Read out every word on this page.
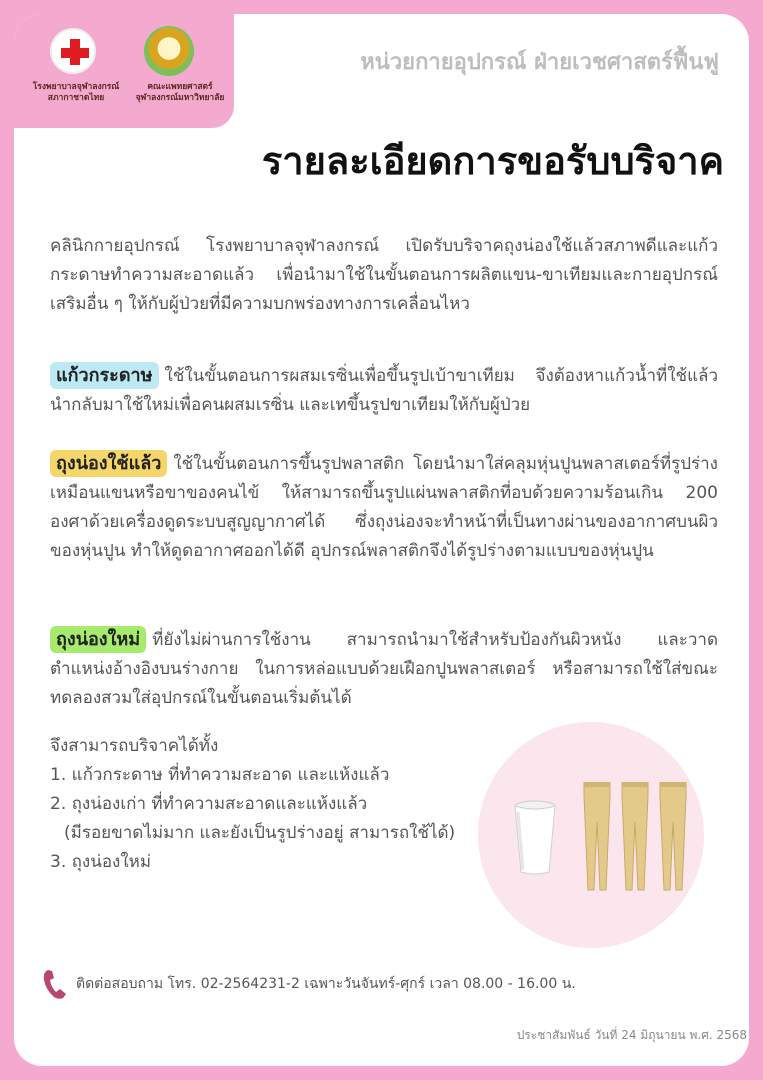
โรงพยาบาลจุฬาลงกรณ์ สภากาชาดไทย
คณะแพทยศาสตร์ จุฬาลงกรณ์มหาวิทยาลัย
หน่วยกายอุปกรณ์ ฝ่ายเวชศาสตร์ฟื้นฟู
รายละเอียดการขอรับบริจาค

คลินิกกายอุปกรณ์ โรงพยาบาลจุฬาลงกรณ์ เปิดรับบริจาคถุงน่องใช้แล้วสภาพดีและแก้วกระดาษทำความสะอาดแล้ว เพื่อนำมาใช้ในขั้นตอนการผลิตแขน-ขาเทียมและกายอุปกรณ์เสริมอื่น ๆ ให้กับผู้ป่วยที่มีความบกพร่องทางการเคลื่อนไหว

แก้วกระดาษ ใช้ในขั้นตอนการผสมเรซิ่นเพื่อขึ้นรูปเบ้าขาเทียม จึงต้องหาแก้วน้ำที่ใช้แล้ว นำกลับมาใช้ใหม่เพื่อคนผสมเรซิ่น และเทขึ้นรูปขาเทียมให้กับผู้ป่วย

ถุงน่องใช้แล้ว ใช้ในขั้นตอนการขึ้นรูปพลาสติก โดยนำมาใส่คลุมหุ่นปูนพลาสเตอร์ที่รูปร่างเหมือนแขนหรือขาของคนไข้ ให้สามารถขึ้นรูปแผ่นพลาสติกที่อบด้วยความร้อนเกิน 200 องศาด้วยเครื่องดูดระบบสูญญากาศได้ ซึ่งถุงน่องจะทำหน้าที่เป็นทางผ่านของอากาศบนผิวของหุ่นปูน ทำให้ดูดอากาศออกได้ดี อุปกรณ์พลาสติกจึงได้รูปร่างตามแบบของหุ่นปูน

ถุงน่องใหม่ ที่ยังไม่ผ่านการใช้งาน สามารถนำมาใช้สำหรับป้องกันผิวหนัง และวาดตำแหน่งอ้างอิงบนร่างกาย ในการหล่อแบบด้วยเฝือกปูนพลาสเตอร์ หรือสามารถใช้ใส่ขณะทดลองสวมใส่อุปกรณ์ในขั้นตอนเริ่มต้นได้

จึงสามารถบริจาคได้ทั้ง
1. แก้วกระดาษ ที่ทำความสะอาด และแห้งแล้ว
2. ถุงน่องเก่า ที่ทำความสะอาดและแห้งแล้ว
(มีรอยขาดไม่มาก และยังเป็นรูปร่างอยู่ สามารถใช้ได้)
3. ถุงน่องใหม่
ติดต่อสอบถาม โทร. 02-2564231-2 เฉพาะวันจันทร์-ศุกร์ เวลา 08.00 - 16.00 น.
ประชาสัมพันธ์ วันที่ 24 มิถุนายน พ.ศ. 2568
